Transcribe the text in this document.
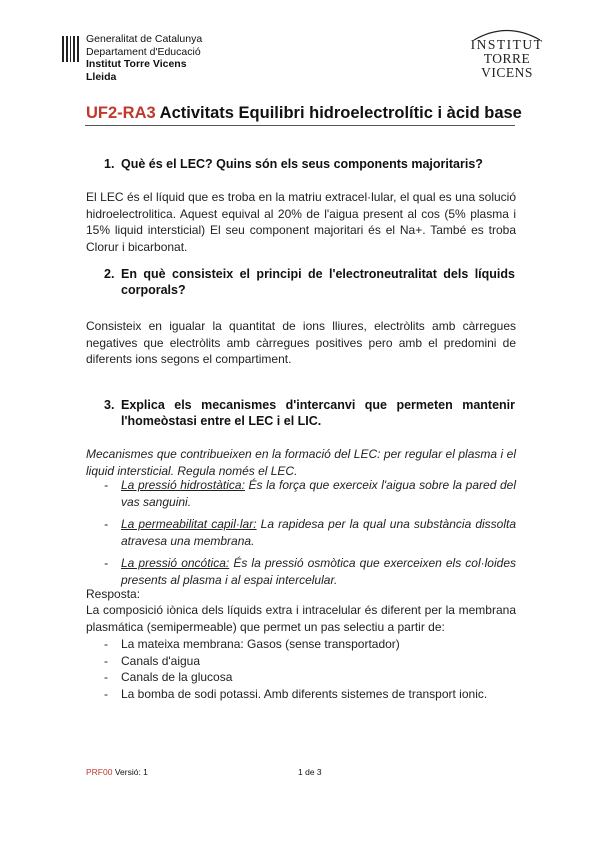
Generalitat de Catalunya
Departament d'Educació
Institut Torre Vicens
Lleida
INSTITUT
TORRE VICENS
UF2-RA3 Activitats Equilibri hidroelectrolític i àcid base
1. Què és el LEC? Quins són els seus components majoritaris?
El LEC és el líquid que es troba en la matriu extracel·lular, el qual es una solució hidroelectrolitica. Aquest equival al 20% de l'aigua present al cos (5% plasma i 15% liquid intersticial) El seu component majoritari és el Na+. També es troba Clorur i bicarbonat.
2. En què consisteix el principi de l'electroneutralitat dels líquids corporals?
Consisteix en igualar la quantitat de ions lliures, electròlits amb càrregues negatives que electròlits amb càrregues positives pero amb el predomini de diferents ions segons el compartiment.
3. Explica els mecanismes d'intercanvi que permeten mantenir l'homeòstasi entre el LEC i el LIC.
Mecanismes que contribueixen en la formació del LEC: per regular el plasma i el liquid intersticial. Regula només el LEC.
- La pressió hidrostàtica: És la força que exerceix l'aigua sobre la pared del vas sanguini.
- La permeabilitat capil·lar: La rapidesa per la qual una substància dissolta atravesa una membrana.
- La pressió oncótica: És la pressió osmòtica que exerceixen els col·loides presents al plasma i al espai intercelular.
Resposta:
La composició iònica dels líquids extra i intracelular és diferent per la membrana plasmática (semipermeable) que permet un pas selectiu a partir de:
- La mateixa membrana: Gasos (sense transportador)
- Canals d'aigua
- Canals de la glucosa
- La bomba de sodi potassi. Amb diferents sistemes de transport ionic.
PRF00 Versió: 1	1 de 3
